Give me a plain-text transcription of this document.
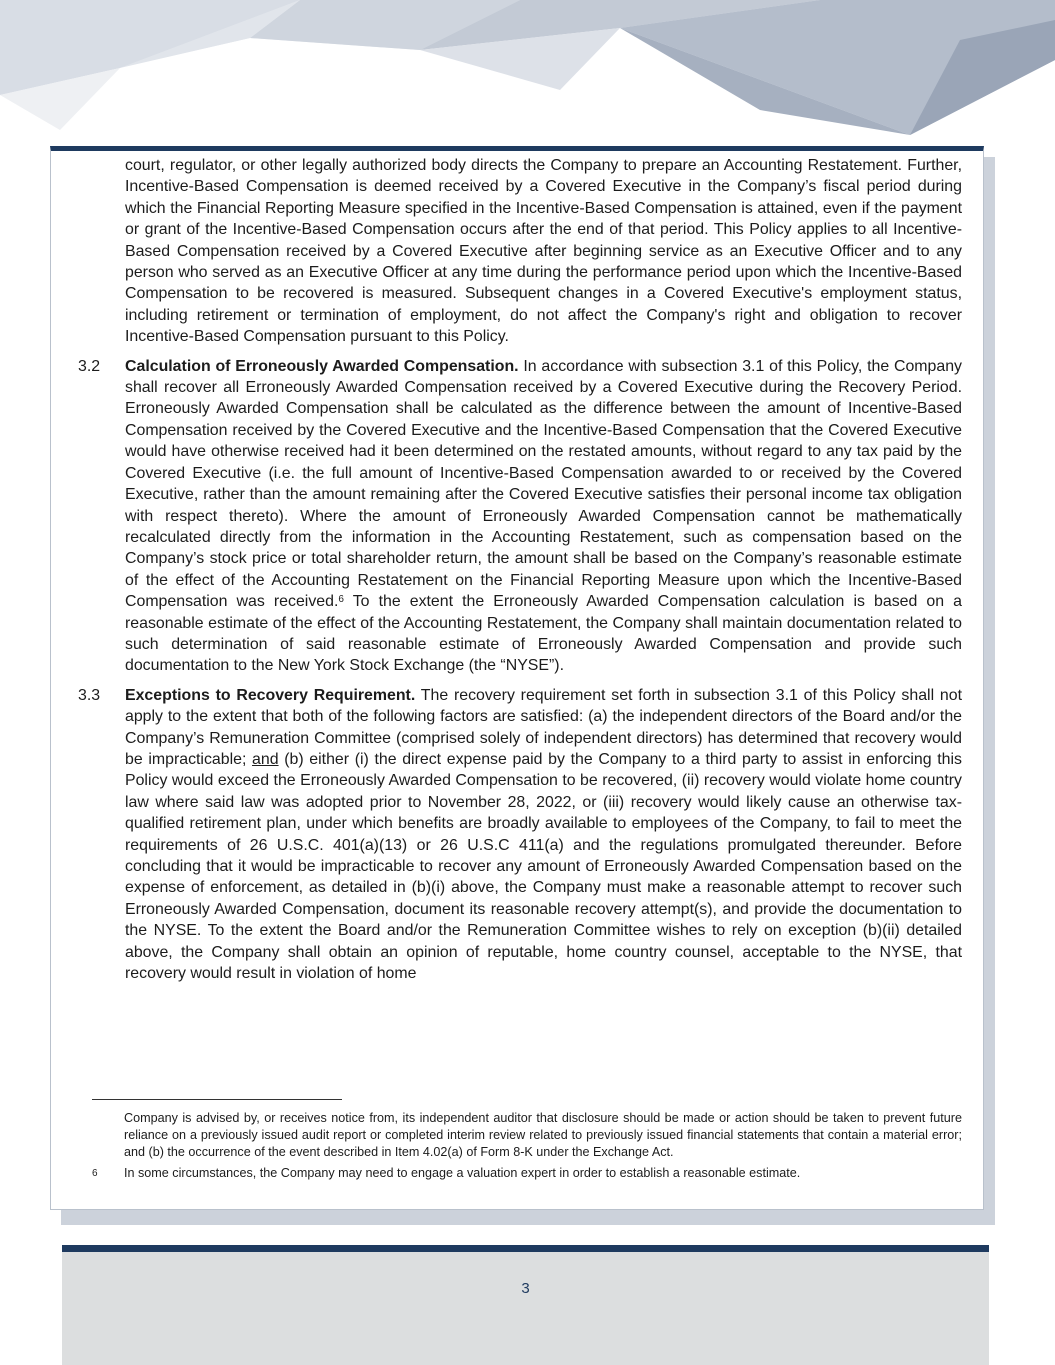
court, regulator, or other legally authorized body directs the Company to prepare an Accounting Restatement. Further, Incentive-Based Compensation is deemed received by a Covered Executive in the Company’s fiscal period during which the Financial Reporting Measure specified in the Incentive-Based Compensation is attained, even if the payment or grant of the Incentive-Based Compensation occurs after the end of that period. This Policy applies to all Incentive-Based Compensation received by a Covered Executive after beginning service as an Executive Officer and to any person who served as an Executive Officer at any time during the performance period upon which the Incentive-Based Compensation to be recovered is measured. Subsequent changes in a Covered Executive's employment status, including retirement or termination of employment, do not affect the Company's right and obligation to recover Incentive-Based Compensation pursuant to this Policy.

3.2	Calculation of Erroneously Awarded Compensation. In accordance with subsection 3.1 of this Policy, the Company shall recover all Erroneously Awarded Compensation received by a Covered Executive during the Recovery Period. Erroneously Awarded Compensation shall be calculated as the difference between the amount of Incentive-Based Compensation received by the Covered Executive and the Incentive-Based Compensation that the Covered Executive would have otherwise received had it been determined on the restated amounts, without regard to any tax paid by the Covered Executive (i.e. the full amount of Incentive-Based Compensation awarded to or received by the Covered Executive, rather than the amount remaining after the Covered Executive satisfies their personal income tax obligation with respect thereto). Where the amount of Erroneously Awarded Compensation cannot be mathematically recalculated directly from the information in the Accounting Restatement, such as compensation based on the Company’s stock price or total shareholder return, the amount shall be based on the Company’s reasonable estimate of the effect of the Accounting Restatement on the Financial Reporting Measure upon which the Incentive-Based Compensation was received.$^6$ To the extent the Erroneously Awarded Compensation calculation is based on a reasonable estimate of the effect of the Accounting Restatement, the Company shall maintain documentation related to such determination of said reasonable estimate of Erroneously Awarded Compensation and provide such documentation to the New York Stock Exchange (the “NYSE”).
3.3	Exceptions to Recovery Requirement. The recovery requirement set forth in subsection 3.1 of this Policy shall not apply to the extent that both of the following factors are satisfied: (a) the independent directors of the Board and/or the Company’s Remuneration Committee (comprised solely of independent directors) has determined that recovery would be impracticable; and (b) either (i) the direct expense paid by the Company to a third party to assist in enforcing this Policy would exceed the Erroneously Awarded Compensation to be recovered, (ii) recovery would violate home country law where said law was adopted prior to November 28, 2022, or (iii) recovery would likely cause an otherwise tax-qualified retirement plan, under which benefits are broadly available to employees of the Company, to fail to meet the requirements of 26 U.S.C. 401(a)(13) or 26 U.S.C 411(a) and the regulations promulgated thereunder. Before concluding that it would be impracticable to recover any amount of Erroneously Awarded Compensation based on the expense of enforcement, as detailed in (b)(i) above, the Company must make a reasonable attempt to recover such Erroneously Awarded Compensation, document its reasonable recovery attempt(s), and provide the documentation to the NYSE. To the extent the Board and/or the Remuneration Committee wishes to rely on exception (b)(ii) detailed above, the Company shall obtain an opinion of reputable, home country counsel, acceptable to the NYSE, that recovery would result in violation of home
Company is advised by, or receives notice from, its independent auditor that disclosure should be made or action should be taken to prevent future reliance on a previously issued audit report or completed interim review related to previously issued financial statements that contain a material error; and (b) the occurrence of the event described in Item 4.02(a) of Form 8-K under the Exchange Act.
6	In some circumstances, the Company may need to engage a valuation expert in order to establish a reasonable estimate.
3
